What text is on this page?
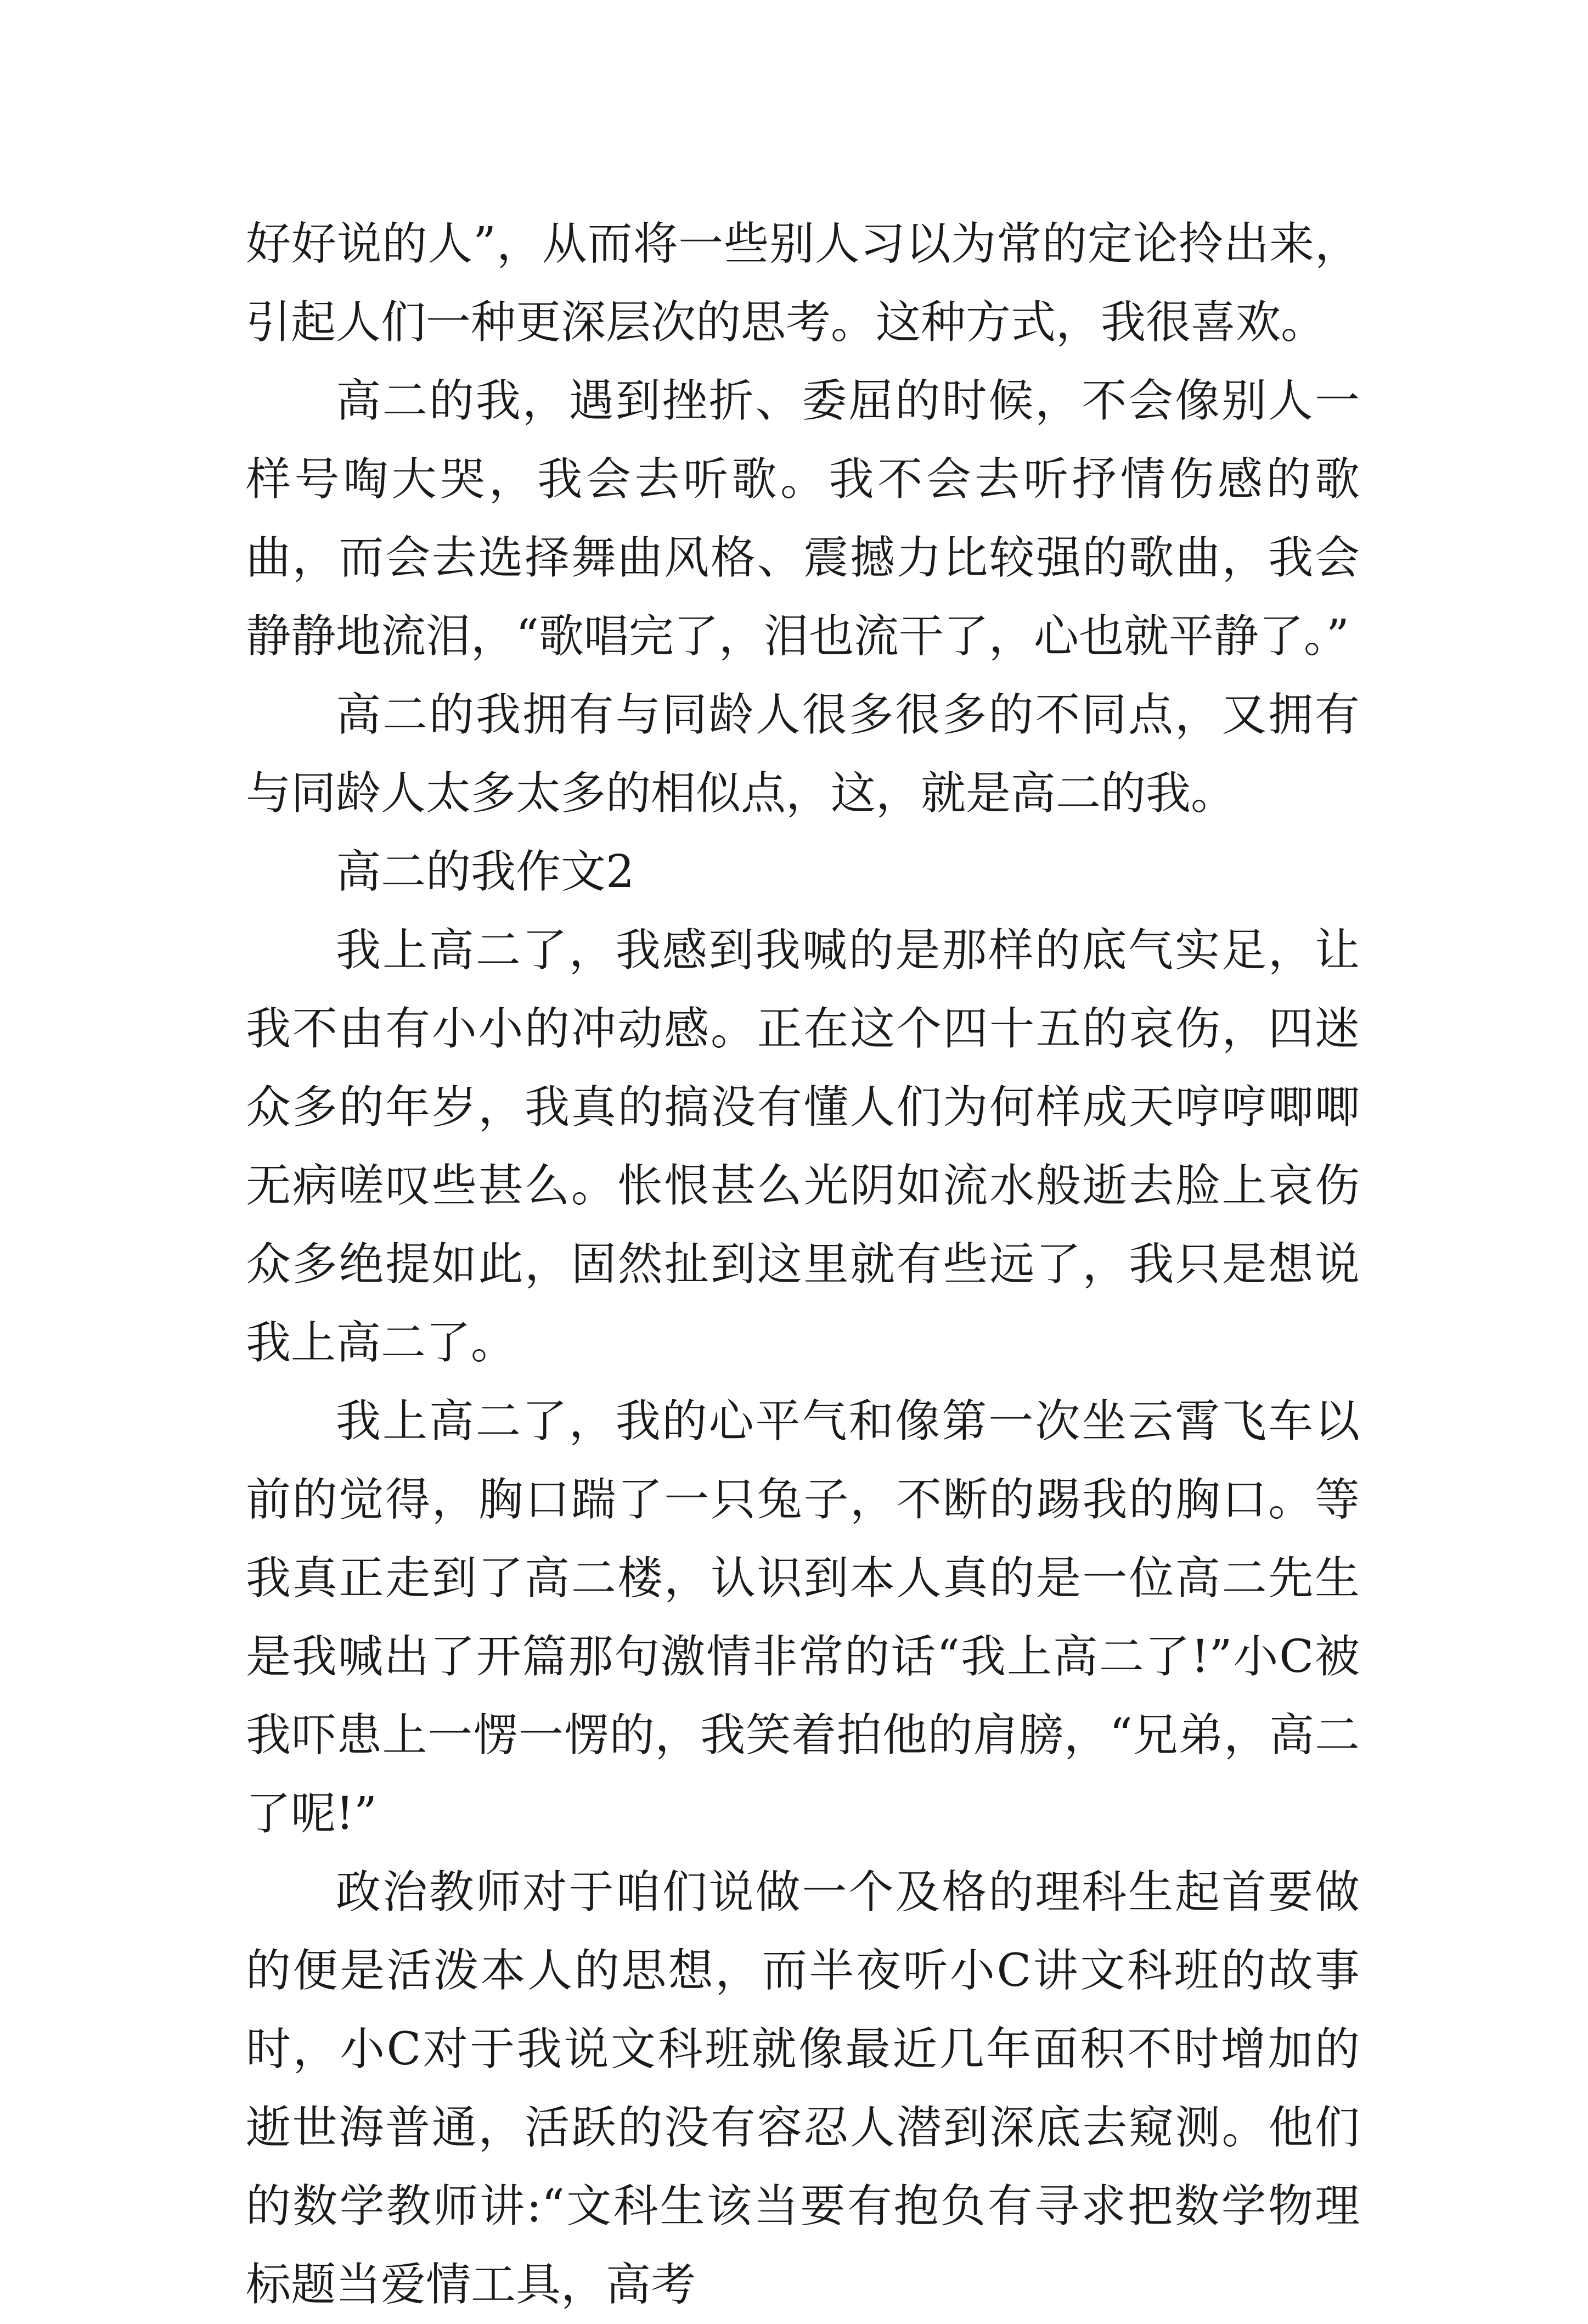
好好说的人”，从而将一些别人习以为常的定论拎出来，引起人们一种更深层次的思考。这种方式，我很喜欢。

高二的我，遇到挫折、委屈的时候，不会像别人一样号啕大哭，我会去听歌。我不会去听抒情伤感的歌曲，而会去选择舞曲风格、震撼力比较强的歌曲，我会静静地流泪，“歌唱完了，泪也流干了，心也就平静了。”

高二的我拥有与同龄人很多很多的不同点，又拥有与同龄人太多太多的相似点，这，就是高二的我。

高二的我作文2

我上高二了，我感到我喊的是那样的底气实足，让我不由有小小的冲动感。正在这个四十五的哀伤，四迷众多的年岁，我真的搞没有懂人们为何样成天哼哼唧唧无病嗟叹些甚么。怅恨甚么光阴如流水般逝去脸上哀伤众多绝提如此，固然扯到这里就有些远了，我只是想说我上高二了。

我上高二了，我的心平气和像第一次坐云霄飞车以前的觉得，胸口踹了一只兔子，不断的踢我的胸口。等我真正走到了高二楼，认识到本人真的是一位高二先生是我喊出了开篇那句激情非常的话“我上高二了!”小C被我吓患上一愣一愣的，我笑着拍他的肩膀，“兄弟，高二了呢!”

政治教师对于咱们说做一个及格的理科生起首要做的便是活泼本人的思想，而半夜听小C讲文科班的故事时，小C对于我说文科班就像最近几年面积不时增加的逝世海普通，活跃的没有容忍人潜到深底去窥测。他们的数学教师讲:“文科生该当要有抱负有寻求把数学物理标题当爱情工具，高考
